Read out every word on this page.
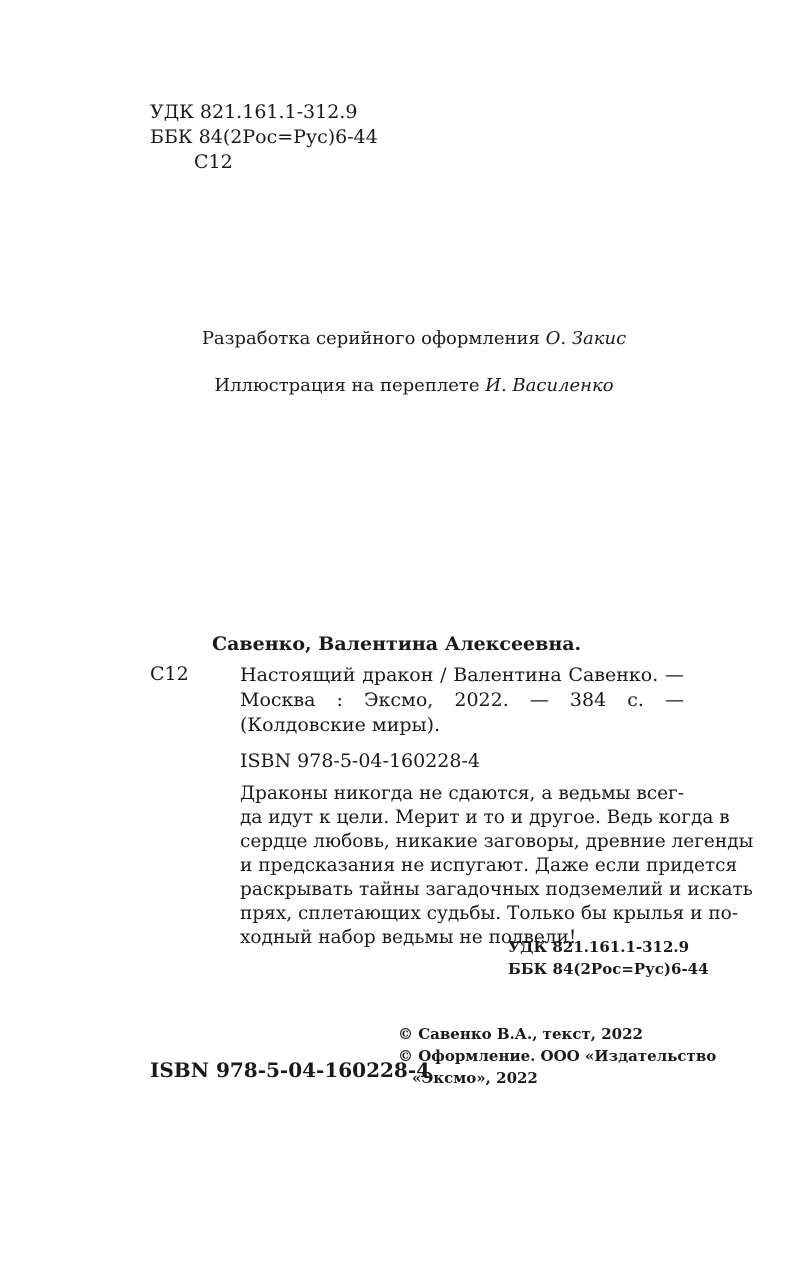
УДК 821.161.1-312.9
ББК 84(2Рос=Рус)6-44
С12
Разработка серийного оформления О. Закис
Иллюстрация на переплете И. Василенко
Савенко, Валентина Алексеевна.
С12	Настоящий дракон / Валентина Савенко. — Москва : Эксмо, 2022. — 384 с. — (Колдовские миры).
ISBN 978-5-04-160228-4
Драконы никогда не сдаются, а ведьмы всег-
да идут к цели. Мерит и то и другое. Ведь когда в
сердце любовь, никакие заговоры, древние легенды
и предсказания не испугают. Даже если придется
раскрывать тайны загадочных подземелий и искать
прях, сплетающих судьбы. Только бы крылья и по-
ходный набор ведьмы не подвели!
УДК 821.161.1-312.9
ББК 84(2Рос=Рус)6-44
© Савенко В.А., текст, 2022
© Оформление. ООО «Издательство
«Эксмо», 2022
ISBN 978-5-04-160228-4
